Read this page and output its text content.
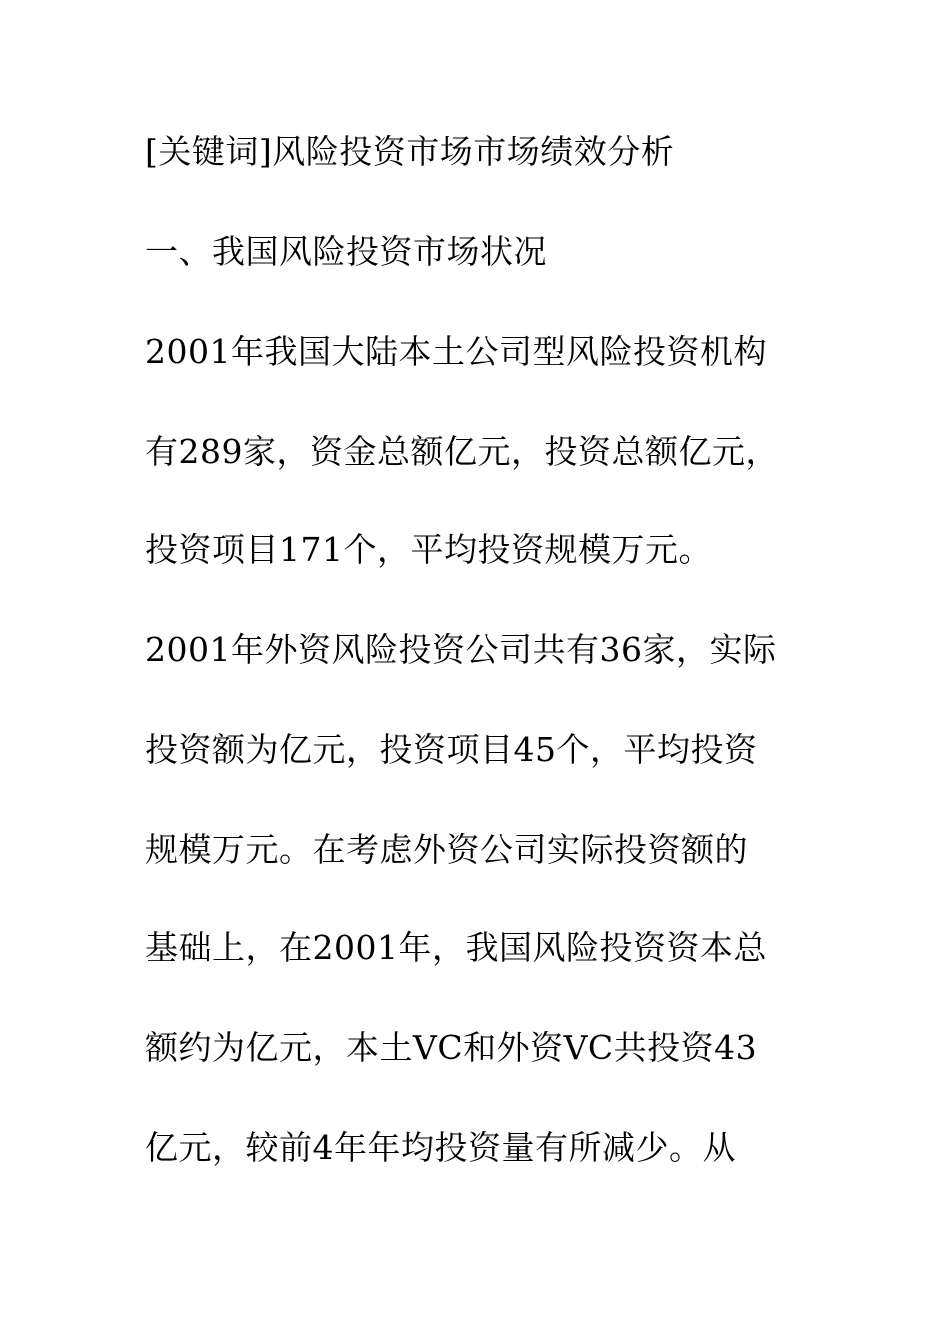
[关键词]风险投资市场市场绩效分析
一、我国风险投资市场状况
2001年我国大陆本土公司型风险投资机构
有289家，资金总额亿元，投资总额亿元，
投资项目171个，平均投资规模万元。
2001年外资风险投资公司共有36家，实际
投资额为亿元，投资项目45个，平均投资
规模万元。在考虑外资公司实际投资额的
基础上，在2001年，我国风险投资资本总
额约为亿元，本土VC和外资VC共投资43
亿元，较前4年年均投资量有所减少。从
